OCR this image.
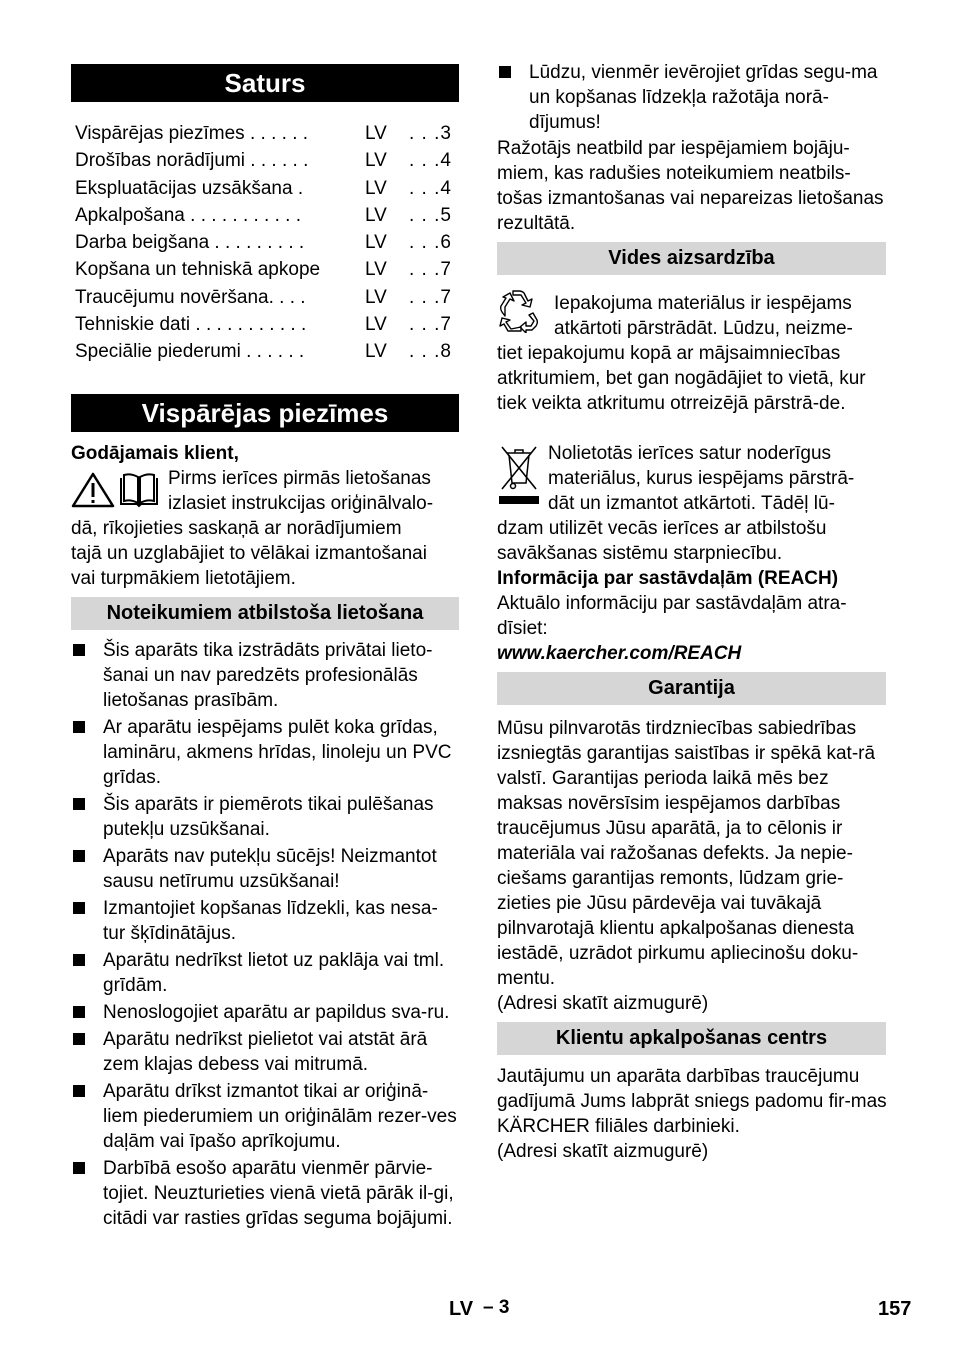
Saturs
Vispārējas piezīmes . . . . . .	LV . . .3
Drošības norādījumi . . . . . .	LV . . .4
Ekspluatācijas uzsākšana .	LV . . .4
Apkalpošana . . . . . . . . . . .	LV . . .5
Darba beigšana . . . . . . . . .	LV . . .6
Kopšana un tehniskā apkope LV . . .7
Traucējumu novēršana. . . .	LV . . .7
Tehniskie dati . . . . . . . . . . .	LV . . .7
Speciālie piederumi . . . . . .	LV . . .8
Vispārējas piezīmes
Godājamais klient,
Pirms ierīces pirmās lietošanas
izlasiet instrukcijas oriģinālvalo-
dā, rīkojieties saskaņā ar norādījumiem
tajā un uzglabājiet to vēlākai izmantošanai
vai turpmākiem lietotājiem.
Noteikumiem atbilstoša lietošana
Šis aparāts tika izstrādāts privātai lieto-šanai un nav paredzēts profesionālās lietošanas prasībām.
Ar aparātu iespējams pulēt koka grīdas, lamināru, akmens hrīdas, linoleju un PVC grīdas.
Šis aparāts ir piemērots tikai pulēšanas putekļu uzsūkšanai.
Aparāts nav putekļu sūcējs! Neizmantot sausu netīrumu uzsūkšanai!
Izmantojiet kopšanas līdzekli, kas nesa-tur šķīdinātājus.
Aparātu nedrīkst lietot uz paklāja vai tml. grīdām.
Nenoslogojiet aparātu ar papildus sva-ru.
Aparātu nedrīkst pielietot vai atstāt ārā zem klajas debess vai mitrumā.
Aparātu drīkst izmantot tikai ar oriģinā-liem piederumiem un oriģinālām rezer-ves daļām vai īpašo aprīkojumu.
Darbībā esošo aparātu vienmēr pārvie-tojiet. Neuzturieties vienā vietā pārāk il-gi, citādi var rasties grīdas seguma bojājumi.
Lūdzu, vienmēr ievērojiet grīdas segu-ma un kopšanas līdzekļa ražotāja norā-dījumus!
Ražotājs neatbild par iespējamiem bojāju-miem, kas radušies noteikumiem neatbils-tošas izmantošanas vai nepareizas lietošanas rezultātā.
Vides aizsardzība
Iepakojuma materiālus ir iespējams
atkārtoti pārstrādāt. Lūdzu, neizme-
tiet iepakojumu kopā ar mājsaimniecības atkritumiem, bet gan nogādājiet to vietā, kur tiek veikta atkritumu otrreizējā pārstrā-de.
Nolietotās ierīces satur noderīgus
materiālus, kurus iespējams pārstrā-
dāt un izmantot atkārtoti. Tādēļ lū-
dzam utilizēt vecās ierīces ar atbilstošu savākšanas sistēmu starpniecību.
Informācija par sastāvdaļām (REACH)
Aktuālo informāciju par sastāvdaļām atra-dīsiet:
www.kaercher.com/REACH
Garantija
Mūsu pilnvarotās tirdzniecības sabiedrības izsniegtās garantijas saistības ir spēkā kat-rā valstī. Garantijas perioda laikā mēs bez maksas novērsīsim iespējamos darbības traucējumus Jūsu aparātā, ja to cēlonis ir materiāla vai ražošanas defekts. Ja nepie-ciešams garantijas remonts, lūdzam grie-zieties pie Jūsu pārdevēja vai tuvākajā pilnvarotajā klientu apkalpošanas dienesta iestādē, uzrādot pirkumu apliecinošu doku-mentu.
(Adresi skatīt aizmugurē)
Klientu apkalpošanas centrs
Jautājumu un aparāta darbības traucējumu gadījumā Jums labprāt sniegs padomu fir-mas KÄRCHER filiāles darbinieki.
(Adresi skatīt aizmugurē)
LV – 3	157
